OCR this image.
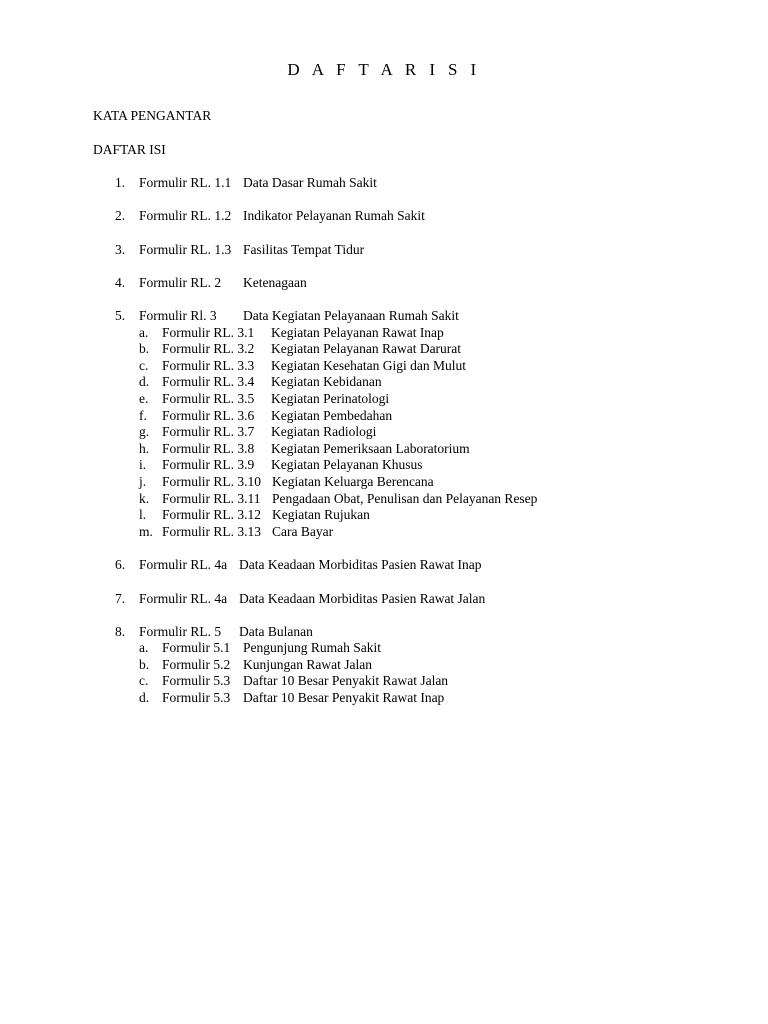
D A F T A R I S I
KATA PENGANTAR
DAFTAR ISI
1. Formulir RL. 1.1 Data Dasar Rumah Sakit
2. Formulir RL. 1.2 Indikator Pelayanan Rumah Sakit
3. Formulir RL. 1.3 Fasilitas Tempat Tidur
4. Formulir RL. 2 Ketenagaan
5. Formulir Rl. 3 Data Kegiatan Pelayanaan Rumah Sakit
a. Formulir RL. 3.1 Kegiatan Pelayanan Rawat Inap
b. Formulir RL. 3.2 Kegiatan Pelayanan Rawat Darurat
c. Formulir RL. 3.3 Kegiatan Kesehatan Gigi dan Mulut
d. Formulir RL. 3.4 Kegiatan Kebidanan
e. Formulir RL. 3.5 Kegiatan Perinatologi
f. Formulir RL. 3.6 Kegiatan Pembedahan
g. Formulir RL. 3.7 Kegiatan Radiologi
h. Formulir RL. 3.8 Kegiatan Pemeriksaan Laboratorium
i. Formulir RL. 3.9 Kegiatan Pelayanan Khusus
j. Formulir RL. 3.10 Kegiatan Keluarga Berencana
k. Formulir RL. 3.11 Pengadaan Obat, Penulisan dan Pelayanan Resep
l. Formulir RL. 3.12 Kegiatan Rujukan
m. Formulir RL. 3.13 Cara Bayar
6. Formulir RL. 4a Data Keadaan Morbiditas Pasien Rawat Inap
7. Formulir RL. 4a Data Keadaan Morbiditas Pasien Rawat Jalan
8. Formulir RL. 5 Data Bulanan
a. Formulir 5.1 Pengunjung Rumah Sakit
b. Formulir 5.2 Kunjungan Rawat Jalan
c. Formulir 5.3 Daftar 10 Besar Penyakit Rawat Jalan
d. Formulir 5.3 Daftar 10 Besar Penyakit Rawat Inap
